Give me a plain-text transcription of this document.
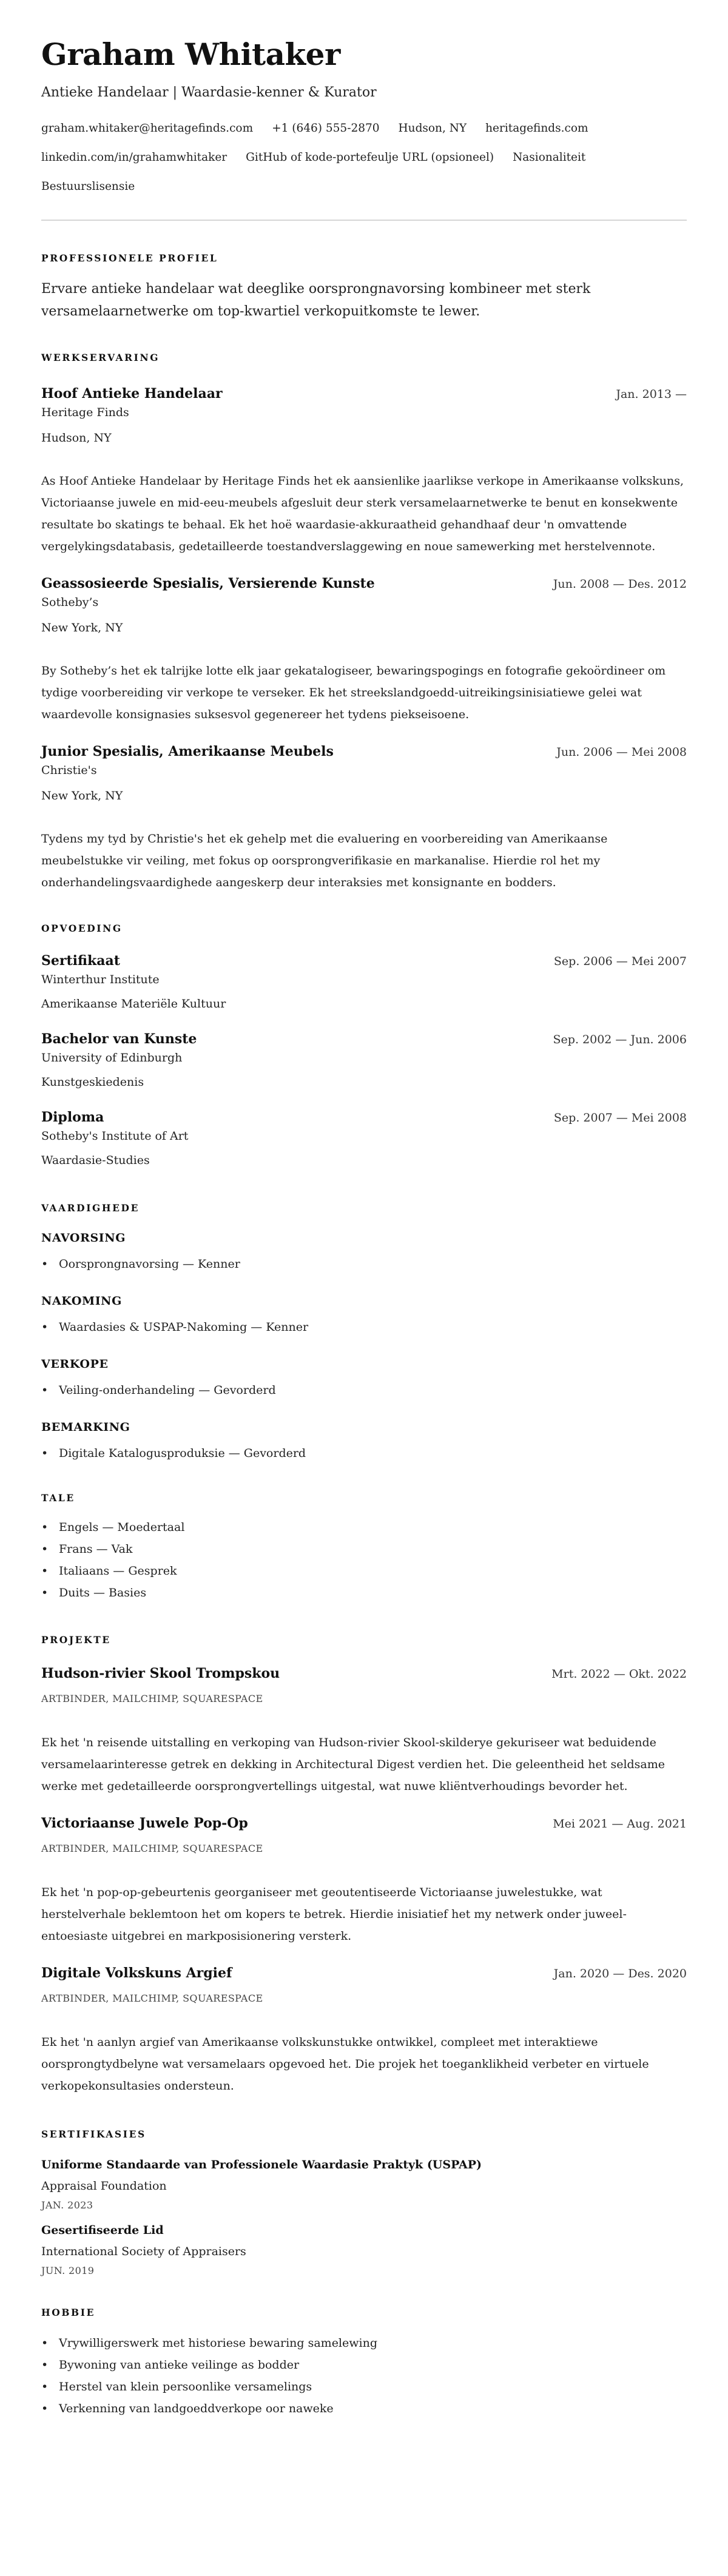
Graham Whitaker
Antieke Handelaar | Waardasie-kenner & Kurator
graham.whitaker@heritagefinds.com +1 (646) 555-2870 Hudson, NY heritagefinds.com
linkedin.com/in/grahamwhitaker GitHub of kode-portefeulje URL (opsioneel) Nasionaliteit
Bestuurslisensie
PROFESSIONELE PROFIEL

Ervare antieke handelaar wat deeglike oorsprongnavorsing kombineer met sterk versamelaarnetwerke om top-kwartiel verkopuitkomste te lewer.

WERKSERVARING
Hoof Antieke Handelaar	Jan. 2013 —
Heritage Finds
Hudson, NY

As Hoof Antieke Handelaar by Heritage Finds het ek aansienlike jaarlikse verkope in Amerikaanse volkskuns, Victoriaanse juwele en mid-eeu-meubels afgesluit deur sterk versamelaarnetwerke te benut en konsekwente resultate bo skatings te behaal. Ek het hoë waardasie-akkuraatheid gehandhaaf deur 'n omvattende vergelykingsdatabasis, gedetailleerde toestandverslaggewing en noue samewerking met herstelvennote.

Geassosieerde Spesialis, Versierende Kunste	Jun. 2008 — Des. 2012
Sotheby’s
New York, NY

By Sotheby’s het ek talrijke lotte elk jaar gekatalogiseer, bewaringspogings en fotografie gekoördineer om tydige voorbereiding vir verkope te verseker. Ek het streekslandgoedd-uitreikingsinisiatiewe gelei wat waardevolle konsignasies suksesvol gegenereer het tydens piekseisoene.

Junior Spesialis, Amerikaanse Meubels	Jun. 2006 — Mei 2008
Christie's
New York, NY

Tydens my tyd by Christie's het ek gehelp met die evaluering en voorbereiding van Amerikaanse meubelstukke vir veiling, met fokus op oorsprongverifikasie en markanalise. Hierdie rol het my onderhandelingsvaardighede aangeskerp deur interaksies met konsignante en bodders.

OPVOEDING
Sertifikaat	Sep. 2006 — Mei 2007
Winterthur Institute
Amerikaanse Materiële Kultuur
Bachelor van Kunste	Sep. 2002 — Jun. 2006
University of Edinburgh
Kunstgeskiedenis
Diploma	Sep. 2007 — Mei 2008
Sotheby's Institute of Art
Waardasie-Studies
VAARDIGHEDE
NAVORSING
• Oorsprongnavorsing — Kenner
NAKOMING
• Waardasies & USPAP-Nakoming — Kenner
VERKOPE
• Veiling-onderhandeling — Gevorderd
BEMARKING
• Digitale Katalogusproduksie — Gevorderd
TALE
• Engels — Moedertaal
• Frans — Vak
• Italiaans — Gesprek
• Duits — Basies
PROJEKTE
Hudson-rivier Skool Trompskou	Mrt. 2022 — Okt. 2022
ARTBINDER, MAILCHIMP, SQUARESPACE

Ek het 'n reisende uitstalling en verkoping van Hudson-rivier Skool-skilderye gekuriseer wat beduidende versamelaarinteresse getrek en dekking in Architectural Digest verdien het. Die geleentheid het seldsame werke met gedetailleerde oorsprongvertellings uitgestal, wat nuwe kliëntverhoudings bevorder het.

Victoriaanse Juwele Pop-Op	Mei 2021 — Aug. 2021
ARTBINDER, MAILCHIMP, SQUARESPACE

Ek het 'n pop-op-gebeurtenis georganiseer met geoutentiseerde Victoriaanse juwelestukke, wat herstelverhale beklemtoon het om kopers te betrek. Hierdie inisiatief het my netwerk onder juweel-entoesiaste uitgebrei en markposisionering versterk.

Digitale Volkskuns Argief	Jan. 2020 — Des. 2020
ARTBINDER, MAILCHIMP, SQUARESPACE

Ek het 'n aanlyn argief van Amerikaanse volkskunstukke ontwikkel, compleet met interaktiewe oorsprongtydbelyne wat versamelaars opgevoed het. Die projek het toeganklikheid verbeter en virtuele verkopekonsultasies ondersteun.

SERTIFIKASIES
Uniforme Standaarde van Professionele Waardasie Praktyk (USPAP)
Appraisal Foundation
JAN. 2023
Gesertifiseerde Lid
International Society of Appraisers
JUN. 2019
HOBBIE
• Vrywilligerswerk met historiese bewaring samelewing
• Bywoning van antieke veilinge as bodder
• Herstel van klein persoonlike versamelings
• Verkenning van landgoeddverkope oor naweke
